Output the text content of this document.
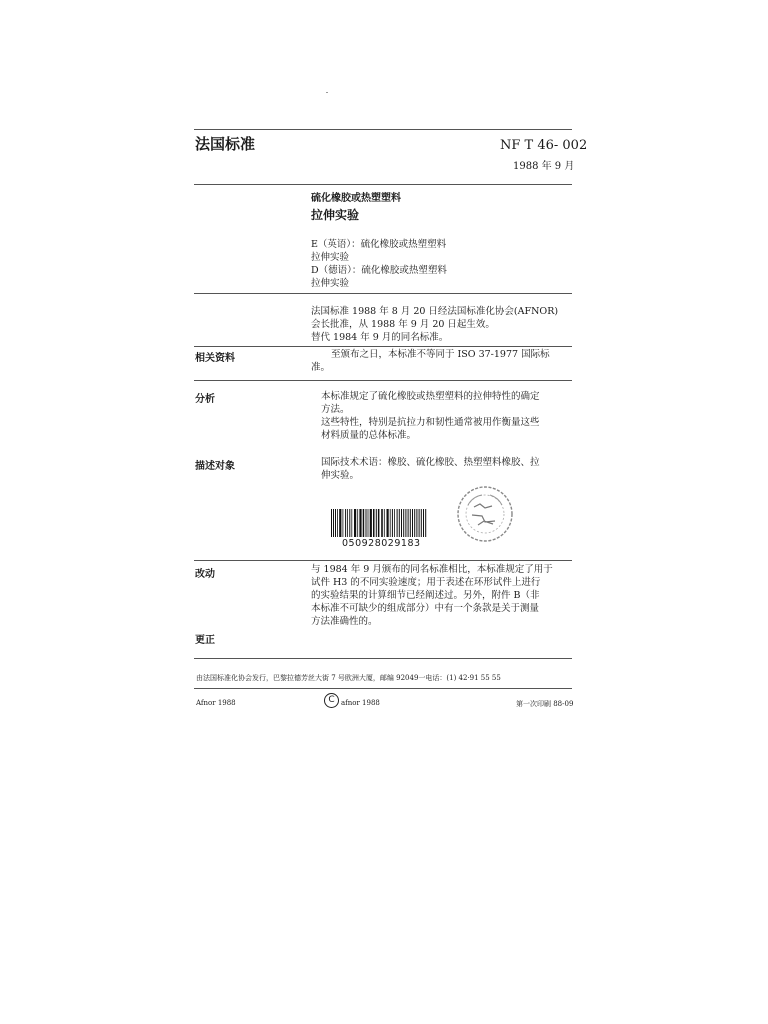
法国标准	NF T 46- 002
1988 年 9 月
硫化橡胶或热塑塑料
拉伸实验
E（英语）：硫化橡胶或热塑塑料
拉伸实验
D（德语）：硫化橡胶或热塑塑料
拉伸实验
法国标准 1988 年 8 月 20 日经法国标准化协会(AFNOR)
会长批准，从 1988 年 9 月 20 日起生效。
替代 1984 年 9 月的同名标准。
相关资料	至颁布之日，本标准不等同于 ISO 37-1977 国际标
准。
分析	本标准规定了硫化橡胶或热塑塑料的拉伸特性的确定
方法。
这些特性，特别是抗拉力和韧性通常被用作衡量这些
材料质量的总体标准。
描述对象	国际技术术语：橡胶、硫化橡胶、热塑塑料橡胶、拉
伸实验。
050928029183
改动	与 1984 年 9 月颁布的同名标准相比，本标准规定了用于
试件 H3 的不同实验速度；用于表述在环形试件上进行
的实验结果的计算细节已经阐述过。另外，附件 B（非
本标准不可缺少的组成部分）中有一个条款是关于测量
方法准确性的。
更正
由法国标准化协会发行，巴黎拉德芳丝大街 7 号欧洲大厦，邮编 92049一电话：(1) 42·91 55 55
Afnor 1988	C afnor 1988	第一次印刷 88-09
